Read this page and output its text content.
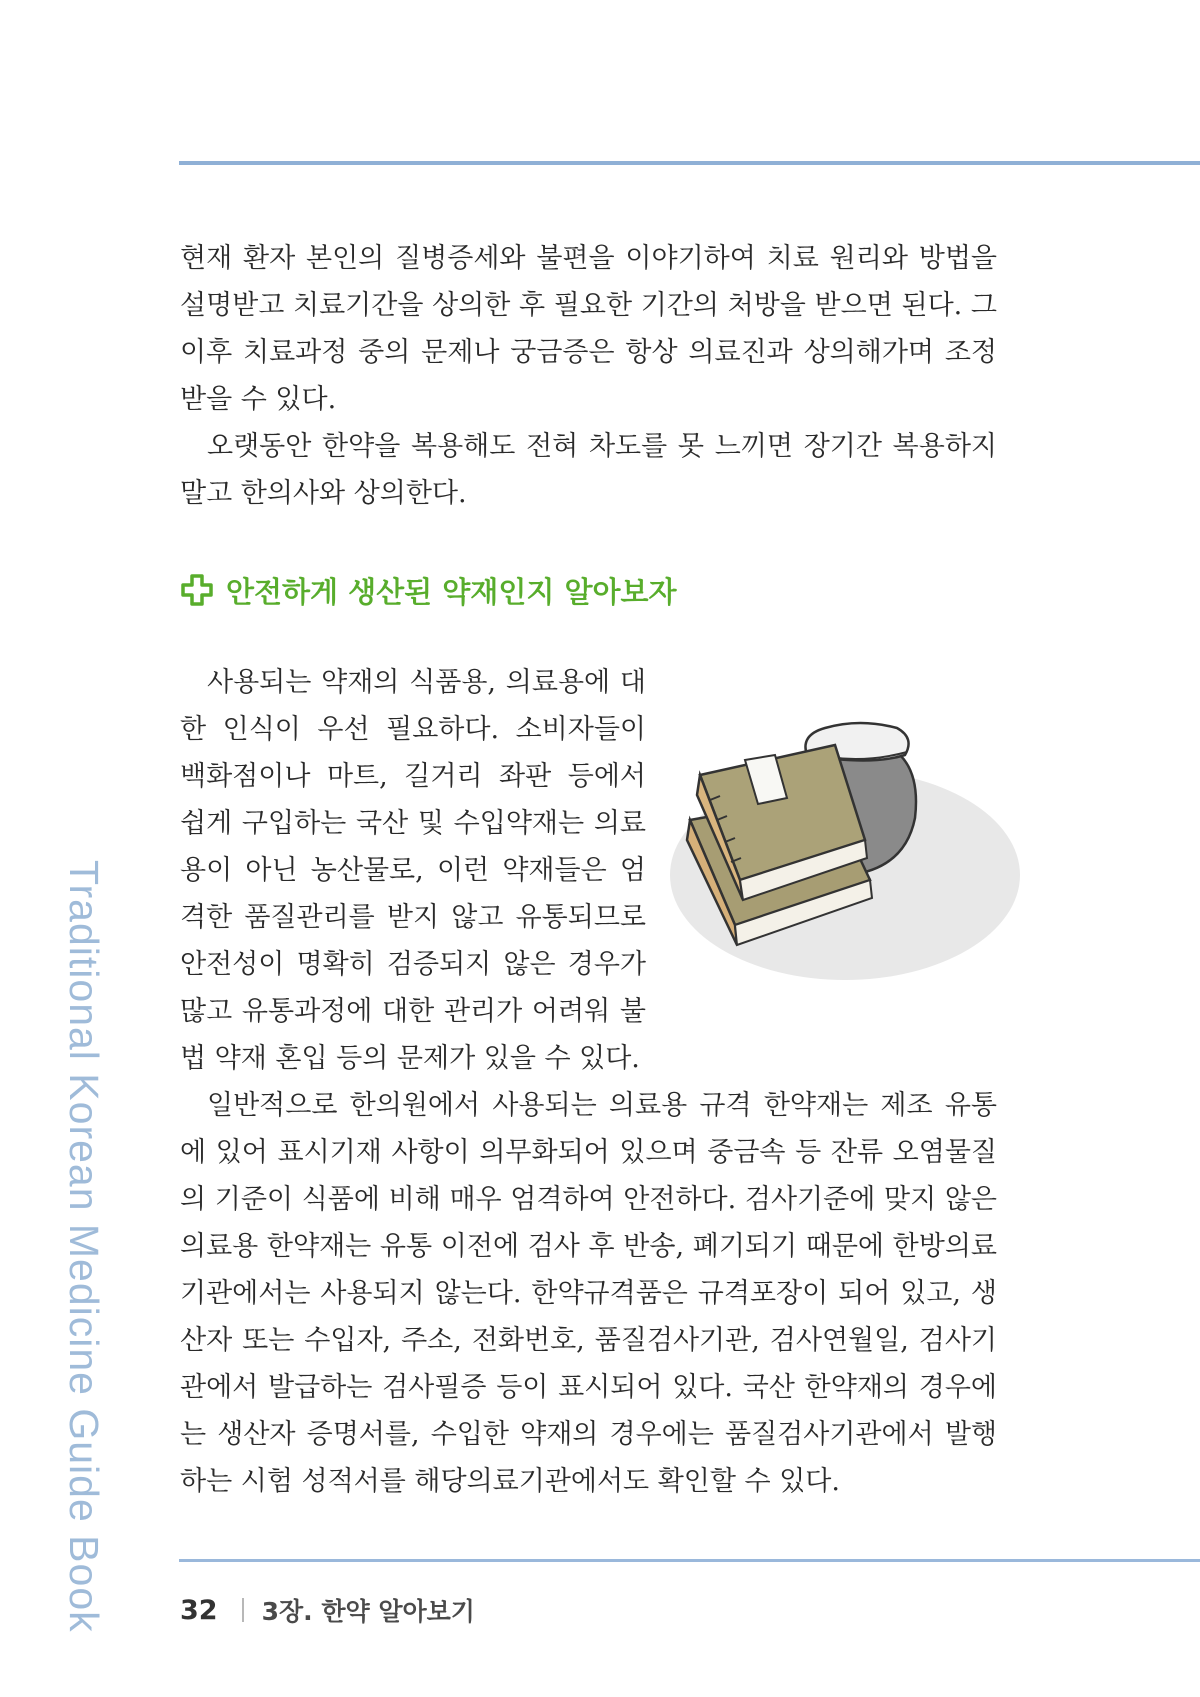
Traditional Korean Medicine Guide Book

현재 환자 본인의 질병증세와 불편을 이야기하여 치료 원리와 방법을 설명받고 치료기간을 상의한 후 필요한 기간의 처방을 받으면 된다. 그 이후 치료과정 중의 문제나 궁금증은 항상 의료진과 상의해가며 조정 받을 수 있다.

오랫동안 한약을 복용해도 전혀 차도를 못 느끼면 장기간 복용하지 말고 한의사와 상의한다.

안전하게 생산된 약재인지 알아보자

사용되는 약재의 식품용, 의료용에 대한 인식이 우선 필요하다. 소비자들이 백화점이나 마트, 길거리 좌판 등에서 쉽게 구입하는 국산 및 수입약재는 의료용이 아닌 농산물로, 이런 약재들은 엄격한 품질관리를 받지 않고 유통되므로 안전성이 명확히 검증되지 않은 경우가 많고 유통과정에 대한 관리가 어려워 불법 약재 혼입 등의 문제가 있을 수 있다.

일반적으로 한의원에서 사용되는 의료용 규격 한약재는 제조 유통에 있어 표시기재 사항이 의무화되어 있으며 중금속 등 잔류 오염물질의 기준이 식품에 비해 매우 엄격하여 안전하다. 검사기준에 맞지 않은 의료용 한약재는 유통 이전에 검사 후 반송, 폐기되기 때문에 한방의료기관에서는 사용되지 않는다. 한약규격품은 규격포장이 되어 있고, 생산자 또는 수입자, 주소, 전화번호, 품질검사기관, 검사연월일, 검사기관에서 발급하는 검사필증 등이 표시되어 있다. 국산 한약재의 경우에는 생산자 증명서를, 수입한 약재의 경우에는 품질검사기관에서 발행하는 시험 성적서를 해당의료기관에서도 확인할 수 있다.

32 3장. 한약 알아보기
